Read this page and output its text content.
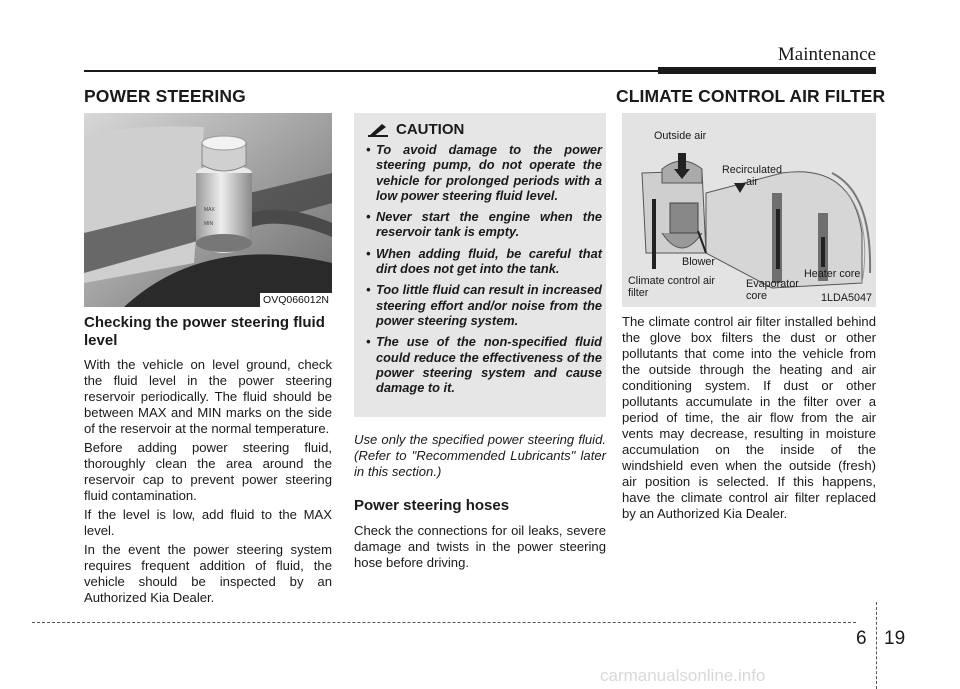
Maintenance
POWER STEERING
MAX
MIN
OVQ066012N
Checking the power steering fluid level

With the vehicle on level ground, check the fluid level in the power steering reservoir periodically. The fluid should be between MAX and MIN marks on the side of the reservoir at the normal temperature.

Before adding power steering fluid, thoroughly clean the area around the reservoir cap to prevent power steering fluid contamination.

If the level is low, add fluid to the MAX level.

In the event the power steering system requires frequent addition of fluid, the vehicle should be inspected by an Authorized Kia Dealer.

CAUTION
• To avoid damage to the power steering pump, do not operate the vehicle for prolonged periods with a low power steering fluid level.
• Never start the engine when the reservoir tank is empty.
• When adding fluid, be careful that dirt does not get into the tank.
• Too little fluid can result in increased steering effort and/or noise from the power steering system.
• The use of the non-specified fluid could reduce the effectiveness of the power steering system and cause damage to it.
Use only the specified power steering fluid. (Refer to "Recommended Lubricants" later in this section.)
Power steering hoses

Check the connections for oil leaks, severe damage and twists in the power steering hose before driving.

CLIMATE CONTROL AIR FILTER
Outside air
Recirculated air
Blower
Climate control air filter
Evaporator core
Heater core
1LDA5047

The climate control air filter installed behind the glove box filters the dust or other pollutants that come into the vehicle from the outside through the heating and air conditioning system. If dust or other pollutants accumulate in the filter over a period of time, the air flow from the air vents may decrease, resulting in moisture accumulation on the inside of the windshield even when the outside (fresh) air position is selected. If this happens, have the climate control air filter replaced by an Authorized Kia Dealer.

6 19
carmanualsonline.info
